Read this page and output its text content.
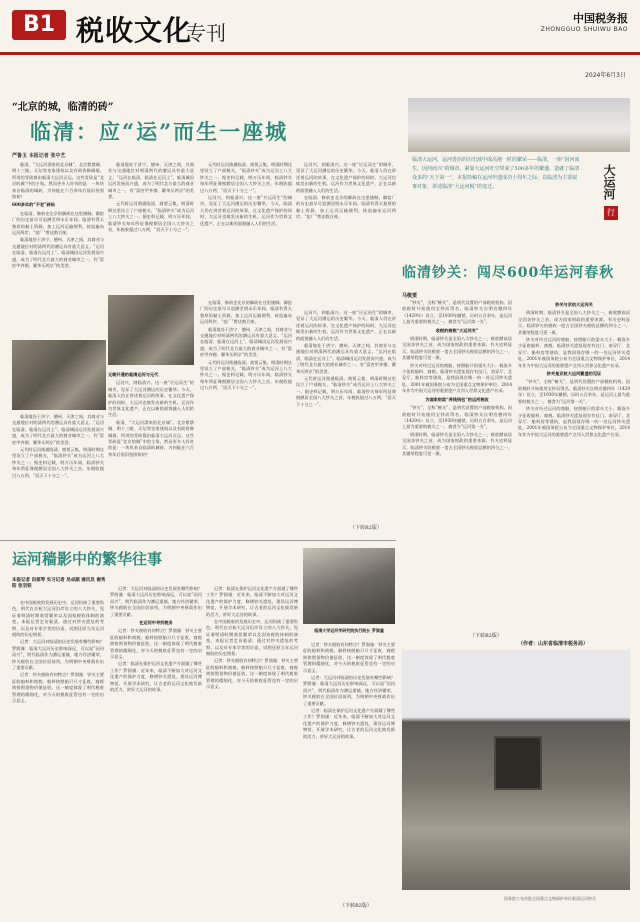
B1 税收文化
专刊
中国税务报
ZHONGGUO SHUIWU BAO
2024年6月3日
“北京的城，临清的砖”
临清：应“运”而生一座城
严鲁玉 本报记者 张中艺

临清，“大运河漂来的北京城”。北京紫禁城、明十三陵、天坛等皇家建筑以及有助资修城墙，所用的青砖都由临清大运河贡运。这些青砖是“北京的城”中的主角。然而更多人好奇的是：一块块来自临清的城砖，为何能在六百余年后依旧坚固如初？

600多年的“不老”砖码

在临清，修前史北京的御砖在这里烧制。御窑厂的历史最早可追溯至明永乐年间。临清有得天独厚的黏土资源，加上运河运输便利，砖窑遍布运河两岸，“窑厂”曾达数百座。

临清地处于济宁、德州、天津之间，其商业与交通地位对明清两代的漕运具有重大意义。“运河在临清，临清在运河上”。临清城因运河发展而兴盛，成为了明代北方最大的商业城市之一，有“富庶甲齐郡，繁华压两京”的美誉。

临清地处于济宁、德州、天津之间，其商业与交通地位对明清两代的漕运具有重大意义。“运河在临清，临清在运河上”。临清城因运河发展而兴盛，成为了明代北方最大的商业城市之一，有“富庶甲齐郡，繁华压两京”的美誉。

元代时运河凿通临清，商贾云集，明清时期这里设立了户部税关，“临清钞关”成为运河上八大钞关之一。据史料记载，明万历年间，临清钞关每年所征课税额居全国八大钞关之首，年税收超过八万两，“居天下十分之一”。

元代时运河凿通临清，商贾云集，明清时期这里设立了户部税关，“临清钞关”成为运河上八大钞关之一。据史料记载，明万历年间，临清钞关每年所征课税额居全国八大钞关之首，年税收超过八万两，“居天下十分之一”。

运河兴，则临清兴。这一座“应运而生”的城市，见证了大运河漕运的历史繁华。今天，临清人仍在讲述着运河的故事，在文化遗产保护的同时，大运河也焕发出新的生机。运河作为世界文化遗产，正在以新的面貌融入人们的生活。

运河兴，则临清兴。这一座“应运而生”的城市，见证了大运河漕运的历史繁华。今天，临清人仍在讲述着运河的故事，在文化遗产保护的同时，大运河也焕发出新的生机。运河作为世界文化遗产，正在以新的面貌融入人们的生活。

在临清，修前史北京的御砖在这里烧制。御窑厂的历史最早可追溯至明永乐年间。临清有得天独厚的黏土资源，加上运河运输便利，砖窑遍布运河两岸，“窑厂”曾达数百座。

临清地处于济宁、德州、天津之间，其商业与交通地位对明清两代的漕运具有重大意义。“运河在临清，临清在运河上”。临清城因运河发展而兴盛，成为了明代北方最大的商业城市之一，有“富庶甲齐郡，繁华压两京”的美誉。

元代时运河凿通临清，商贾云集，明清时期这里设立了户部税关，“临清钞关”成为运河上八大钞关之一。据史料记载，明万历年间，临清钞关每年所征课税额居全国八大钞关之首，年税收超过八万两，“居天下十分之一”。

元朝开通的临清运河与元代

运河兴，则临清兴。这一座“应运而生”的城市，见证了大运河漕运的历史繁华。今天，临清人仍在讲述着运河的故事，在文化遗产保护的同时，大运河也焕发出新的生机。运河作为世界文化遗产，正在以新的面貌融入人们的生活。

临清，“大运河漂来的北京城”。北京紫禁城、明十三陵、天坛等皇家建筑以及有助资修城墙，所用的青砖都由临清大运河贡运。这些青砖是“北京的城”中的主角。然而更多人好奇的是：一块块来自临清的城砖，为何能在六百余年后依旧坚固如初？

在临清，修前史北京的御砖在这里烧制。御窑厂的历史最早可追溯至明永乐年间。临清有得天独厚的黏土资源，加上运河运输便利，砖窑遍布运河两岸，“窑厂”曾达数百座。

临清地处于济宁、德州、天津之间，其商业与交通地位对明清两代的漕运具有重大意义。“运河在临清，临清在运河上”。临清城因运河发展而兴盛，成为了明代北方最大的商业城市之一，有“富庶甲齐郡，繁华压两京”的美誉。

元代时运河凿通临清，商贾云集，明清时期这里设立了户部税关，“临清钞关”成为运河上八大钞关之一。据史料记载，明万历年间，临清钞关每年所征课税额居全国八大钞关之首，年税收超过八万两，“居天下十分之一”。

运河兴，则临清兴。这一座“应运而生”的城市，见证了大运河漕运的历史繁华。今天，临清人仍在讲述着运河的故事，在文化遗产保护的同时，大运河也焕发出新的生机。运河作为世界文化遗产，正在以新的面貌融入人们的生活。

临清地处于济宁、德州、天津之间，其商业与交通地位对明清两代的漕运具有重大意义。“运河在临清，临清在运河上”。临清城因运河发展而兴盛，成为了明代北方最大的商业城市之一，有“富庶甲齐郡，繁华压两京”的美誉。

元代时运河凿通临清，商贾云集，明清时期这里设立了户部税关，“临清钞关”成为运河上八大钞关之一。据史料记载，明万历年间，临清钞关每年所征课税额居全国八大钞关之首，年税收超过八万两，“居天下十分之一”。

（下转B2版）
临清大运河，运河善治的历史波中成高地一时的繁荣——临清，一座“因河而生，因河而兴”的城市。紧靠大运河吐空带来了500多年的繁盛，造就了临清众多的“天下第一”，本报特稿在运河申遗成功十周年之际，以临清为主要叙事对象，讲述临清“大运河税”的变迁。	大运河
行
临清钞关：闯尽600年运河春秋
马敬雯

“钞关”，全称“榷关”，是明代设置的户部税收机构。因收税时开始使用宝钞而得名。临清钞关自明宣德四年（1429年）设立，至1930年撤销，历时五百余年，是运河上最为重要的税关之一，被誉为“运河第一关”。

收税的商税“大运河关”

明清时期，临清钞关是全国八大钞关之一，税收额高居全国各钞关之首，成为国家财政的重要来源。有关史料显示，临清钞关的税收一度占全国钞关税收总额的四分之一，其繁荣程度可见一斑。

钞关对经过运河的商船，按照船只的梁头大小、载货多少征收船料、商税。临清钞关遗址现存有仪门、南穿厅、北穿厅、船料房等建筑，是我国现存唯一的一处运河钞关遗址，2001年被国务院公布为全国重点文物保护单位，2014年作为中国大运河的重要遗产点列入世界文化遗产名录。

为国家财政“养钱钱包”的运河税收

“钞关”，全称“榷关”，是明代设置的户部税收机构。因收税时开始使用宝钞而得名。临清钞关自明宣德四年（1429年）设立，至1930年撤销，历时五百余年，是运河上最为重要的税关之一，被誉为“运河第一关”。

明清时期，临清钞关是全国八大钞关之一，税收额高居全国各钞关之首，成为国家财政的重要来源。有关史料显示，临清钞关的税收一度占全国钞关税收总额的四分之一，其繁荣程度可见一斑。

钞关与京杭大运河关

明清时期，临清钞关是全国八大钞关之一，税收额高居全国各钞关之首，成为国家财政的重要来源。有关史料显示，临清钞关的税收一度占全国钞关税收总额的四分之一，其繁荣程度可见一斑。

钞关对经过运河的商船，按照船只的梁头大小、载货多少征收船料、商税。临清钞关遗址现存有仪门、南穿厅、北穿厅、船料房等建筑，是我国现存唯一的一处运河钞关遗址，2001年被国务院公布为全国重点文物保护单位，2014年作为中国大运河的重要遗产点列入世界文化遗产名录。

钞关是京杭大运河繁盛的见证

“钞关”，全称“榷关”，是明代设置的户部税收机构。因收税时开始使用宝钞而得名。临清钞关自明宣德四年（1429年）设立，至1930年撤销，历时五百余年，是运河上最为重要的税关之一，被誉为“运河第一关”。

钞关对经过运河的商船，按照船只的梁头大小、载货多少征收船料、商税。临清钞关遗址现存有仪门、南穿厅、北穿厅、船料房等建筑，是我国现存唯一的一处运河钞关遗址，2001年被国务院公布为全国重点文物保护单位，2014年作为中国大运河的重要遗产点列入世界文化遗产名录。

（下转B2版）
（作者：山东省临清市税务局）
运河穑影中的繁华往事
本报记者 田郁琴 实习记者 吴卓颜 通讯员 谢秀阳 张羽铁

在中国税收的发展历史中，运河扮演了重要角色。明代在京杭大运河沿岸设立的八大钞关，见证着明清时期商贸繁荣以及国家税收体制的演变。本报记者走访临清，通过对钞关遗址的考察，以及对专家学者的访谈，试图还原当年运河税收的历史图景。

记者：大运河对临清的历史发展有哪些影响？罗润谨：临清大运河历史影响深远，可以说“因河而兴”，明代临清作为漕运重镇，地方经济繁荣，钞关税收在全国位居前列，为明朝中央财政作出了重要贡献。

记者：钞关税收有何特点？罗润谨：钞关主要征收船料和商税。船料按照船只尺寸征收，商税则按照货物价值征收，这一制度体现了明代税收管理的精细化，对今天的税收征管也有一定的启示意义。

记者：大运河对临清的历史发展有哪些影响？罗润谨：临清大运河历史影响深远，可以说“因河而兴”，明代临清作为漕运重镇，地方经济繁荣，钞关税收在全国位居前列，为明朝中央财政作出了重要贡献。

在运河中寻找税务

记者：钞关税收有何特点？罗润谨：钞关主要征收船料和商税。船料按照船只尺寸征收，商税则按照货物价值征收，这一制度体现了明代税收管理的精细化，对今天的税收征管也有一定的启示意义。

记者：临清在保护运河文化遗产方面做了哪些工作？罗润谨：近年来，临清不断加大对运河文化遗产的保护力度，修缮钞关遗址，建设运河博物馆，开展学术研究，让古老的运河文化焕发新的活力，讲好大运河的故事。

记者：临清在保护运河文化遗产方面做了哪些工作？罗润谨：近年来，临清不断加大对运河文化遗产的保护力度，修缮钞关遗址，建设运河博物馆，开展学术研究，让古老的运河文化焕发新的活力，讲好大运河的故事。

在中国税收的发展历史中，运河扮演了重要角色。明代在京杭大运河沿岸设立的八大钞关，见证着明清时期商贸繁荣以及国家税收体制的演变。本报记者走访临清，通过对钞关遗址的考察，以及对专家学者的访谈，试图还原当年运河税收的历史图景。

记者：钞关税收有何特点？罗润谨：钞关主要征收船料和商税。船料按照船只尺寸征收，商税则按照货物价值征收，这一制度体现了明代税收管理的精细化，对今天的税收征管也有一定的启示意义。

临清大学运河学研究院执行院长 罗润谨

记者：钞关税收有何特点？罗润谨：钞关主要征收船料和商税。船料按照船只尺寸征收，商税则按照货物价值征收，这一制度体现了明代税收管理的精细化，对今天的税收征管也有一定的启示意义。

记者：大运河对临清的历史发展有哪些影响？罗润谨：临清大运河历史影响深远，可以说“因河而兴”，明代临清作为漕运重镇，地方经济繁荣，钞关税收在全国位居前列，为明朝中央财政作出了重要贡献。

记者：临清在保护运河文化遗产方面做了哪些工作？罗润谨：近年来，临清不断加大对运河文化遗产的保护力度，修缮钞关遗址，建设运河博物馆，开展学术研究，让古老的运河文化焕发新的活力，讲好大运河的故事。

（下转B2版）
国务院公布首批全国重点文物保护单位临清运河钞关
